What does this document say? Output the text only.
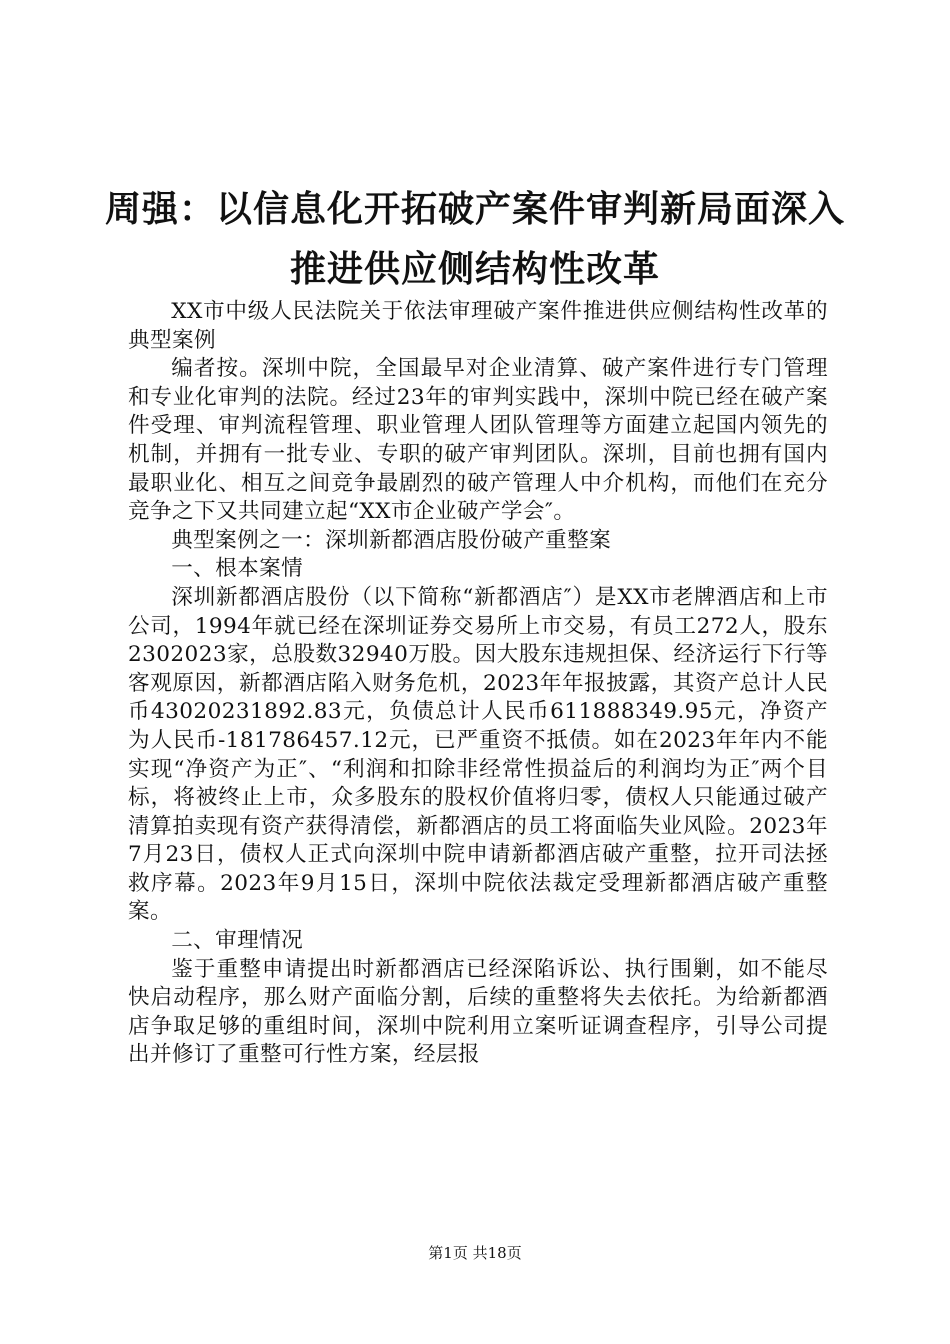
周强：以信息化开拓破产案件审判新局面深入
推进供应侧结构性改革

XX市中级人民法院关于依法审理破产案件推进供应侧结构性改革的典型案例

编者按。深圳中院，全国最早对企业清算、破产案件进行专门管理和专业化审判的法院。经过23年的审判实践中，深圳中院已经在破产案件受理、审判流程管理、职业管理人团队管理等方面建立起国内领先的机制，并拥有一批专业、专职的破产审判团队。深圳，目前也拥有国内最职业化、相互之间竞争最剧烈的破产管理人中介机构，而他们在充分竞争之下又共同建立起“XX市企业破产学会″。

典型案例之一：深圳新都酒店股份破产重整案

一、根本案情

深圳新都酒店股份（以下简称“新都酒店″）是XX市老牌酒店和上市公司，1994年就已经在深圳证券交易所上市交易，有员工272人，股东2302023家，总股数32940万股。因大股东违规担保、经济运行下行等客观原因，新都酒店陷入财务危机，2023年年报披露，其资产总计人民币43020231892.83元，负债总计人民币611888349.95元，净资产为人民币-181786457.12元，已严重资不抵债。如在2023年年内不能实现“净资产为正″、“利润和扣除非经常性损益后的利润均为正″两个目标，将被终止上市，众多股东的股权价值将归零，债权人只能通过破产清算拍卖现有资产获得清偿，新都酒店的员工将面临失业风险。2023年7月23日，债权人正式向深圳中院申请新都酒店破产重整，拉开司法拯救序幕。2023年9月15日，深圳中院依法裁定受理新都酒店破产重整案。

二、审理情况

鉴于重整申请提出时新都酒店已经深陷诉讼、执行围剿，如不能尽快启动程序，那么财产面临分割，后续的重整将失去依托。为给新都酒店争取足够的重组时间，深圳中院利用立案听证调查程序，引导公司提出并修订了重整可行性方案，经层报

第1页 共18页
